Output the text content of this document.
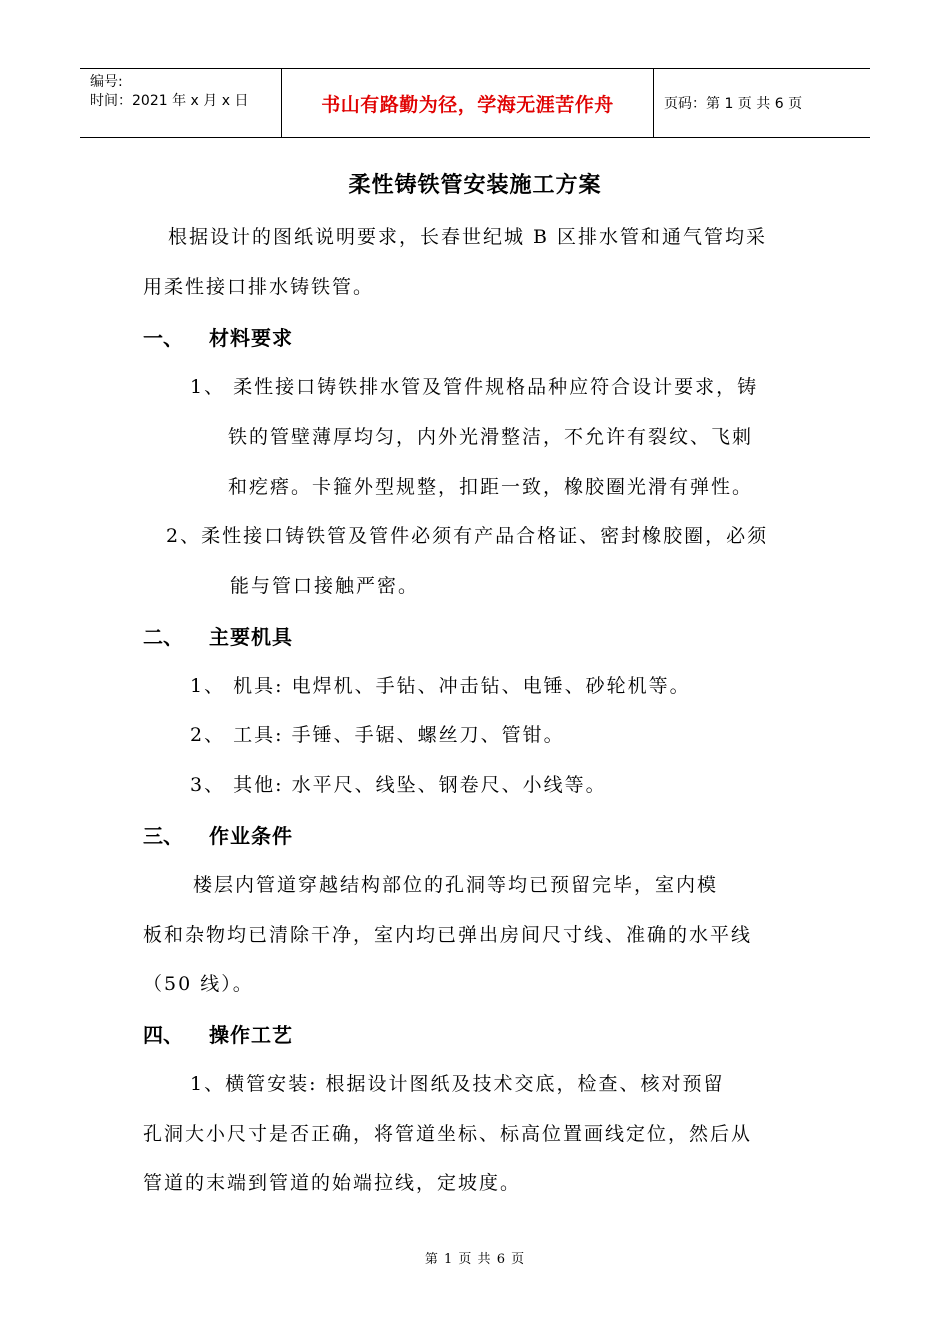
编号:
时间：2021 年 x 月 x 日	书山有路勤为径，学海无涯苦作舟	页码：第 1 页 共 6 页
柔性铸铁管安装施工方案
根据设计的图纸说明要求，长春世纪城 B 区排水管和通气管均采
用柔性接口排水铸铁管。
一、 材料要求
1、 柔性接口铸铁排水管及管件规格品种应符合设计要求，铸
铁的管壁薄厚均匀，内外光滑整洁，不允许有裂纹、飞刺
和疙瘩。卡箍外型规整，扣距一致，橡胶圈光滑有弹性。
2、柔性接口铸铁管及管件必须有产品合格证、密封橡胶圈，必须
能与管口接触严密。
二、 主要机具
1、 机具: 电焊机、手钻、冲击钻、电锤、砂轮机等。
2、 工具: 手锤、手锯、螺丝刀、管钳。
3、 其他: 水平尺、线坠、钢卷尺、小线等。
三、 作业条件
楼层内管道穿越结构部位的孔洞等均已预留完毕，室内模
板和杂物均已清除干净，室内均已弹出房间尺寸线、准确的水平线
（50 线）。
四、 操作工艺
1、横管安装: 根据设计图纸及技术交底，检查、核对预留
孔洞大小尺寸是否正确，将管道坐标、标高位置画线定位，然后从
管道的末端到管道的始端拉线，定坡度。
第 1 页 共 6 页
